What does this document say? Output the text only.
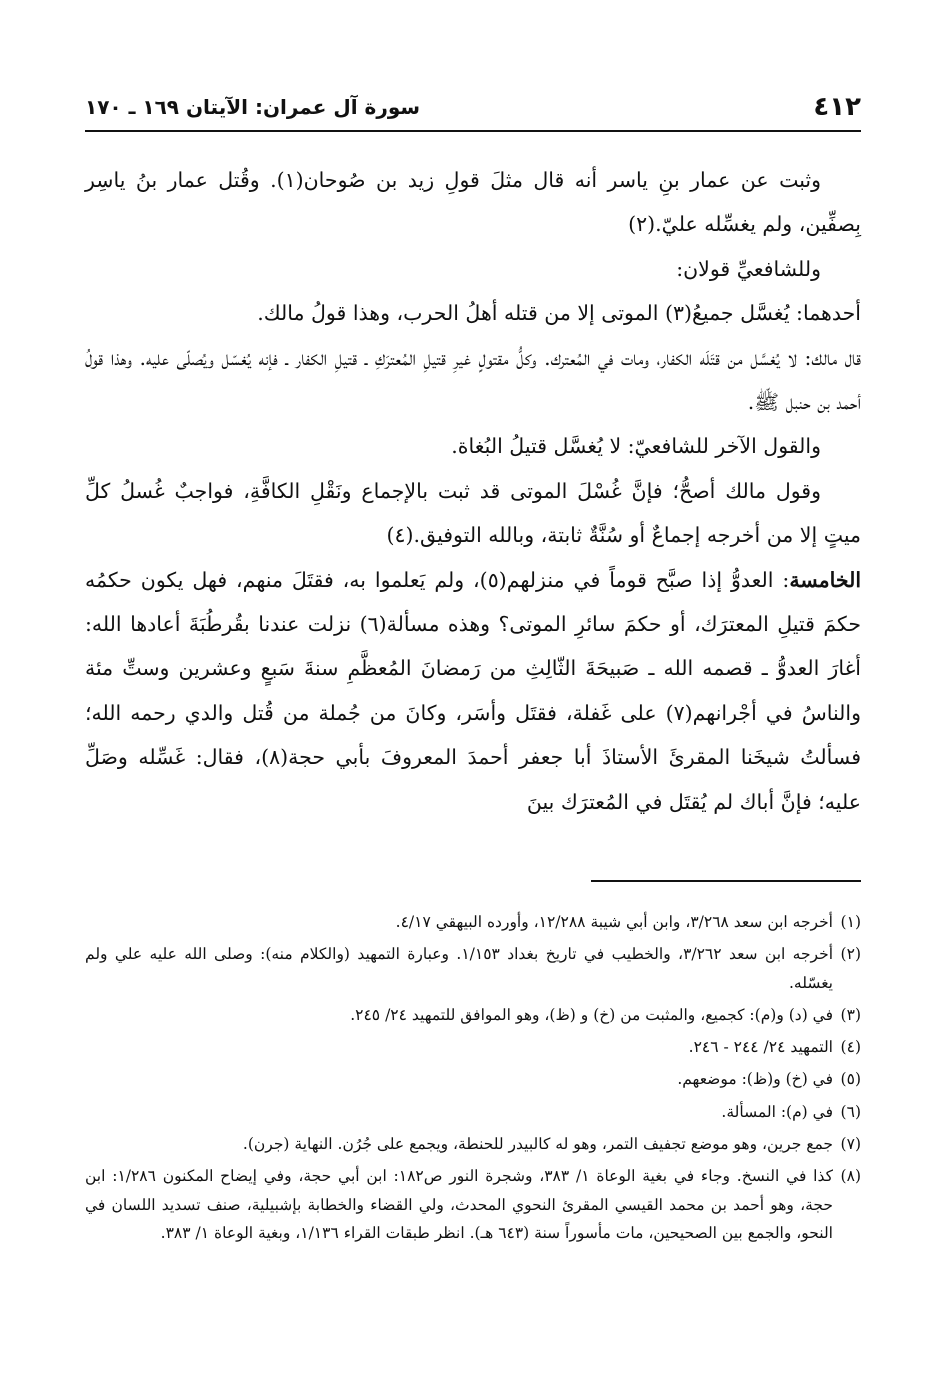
٤١٢
سورة آل عمران: الآيتان ١٦٩ ـ ١٧٠

وثبت عن عمار بنِ ياسر أنه قال مثلَ قولِ زيد بن صُوحان(١). وقُتل عمار بنُ ياسِر بِصفِّين، ولم يغسِّله عليّ.(٢)

وللشافعيِّ قولان:

أحدهما: يُغسَّل جميعُ(٣) الموتى إلا من قتله أهلُ الحرب، وهذا قولُ مالك.

قال مالك: لا يُغسَّل من قتَلَه الكفار، ومات في المُعترك. وكلُّ مقتولٍ غيرِ قتيلِ المُعترَكِ ـ قتيلِ الكفار ـ فإنه يُغسّل ويُصلّى عليه. وهذا قولُ أحمد بن حنبل ﷺ.

والقول الآخر للشافعيّ: لا يُغسَّل قتيلُ البُغاة.

وقول مالك أصحُّ؛ فإنَّ غُسْلَ الموتى قد ثبت بالإجماع ونَقْلِ الكافَّةِ، فواجبٌ غُسلُ كلِّ ميتٍ إلا من أخرجه إجماعٌ أو سُنَّةٌ ثابتة، وبالله التوفيق.(٤)

الخامسة: العدوُّ إذا صبَّح قوماً في منزلهم(٥)، ولم يَعلموا به، فقتَلَ منهم، فهل يكون حكمُه حكمَ قتيلِ المعترَك، أو حكمَ سائرِ الموتى؟ وهذه مسألة(٦) نزلت عندنا بقُرطُبَةَ أعادها الله: أغارَ العدوُّ ـ قصمه الله ـ صَبيحَةَ الثّالِثِ من رَمضانَ المُعظَّمِ سنةَ سَبعٍ وعشرين وستِّ مئة والناسُ في أجْرانهم(٧) على غَفلة، فقتَل وأسَر، وكانَ من جُملة من قُتل والدي رحمه الله؛ فسألتُ شيخَنا المقرئَ الأستاذَ أبا جعفر أحمدَ المعروفَ بأبي حجة(٨)، فقال: غَسِّله وصَلِّ عليه؛ فإنَّ أباك لم يُقتَل في المُعترَك بينَ

(١)أخرجه ابن سعد ٣/٢٦٨، وابن أبي شيبة ١٢/٢٨٨، وأورده البيهقي ٤/١٧.

(٢)أخرجه ابن سعد ٣/٢٦٢، والخطيب في تاريخ بغداد ١/١٥٣. وعبارة التمهيد (والكلام منه): وصلى الله عليه علي ولم يغسّله.

(٣)في (د) و(م): كجميع، والمثبت من (خ) و (ظ)، وهو الموافق للتمهيد ٢٤/ ٢٤٥.

(٤)التمهيد ٢٤/ ٢٤٤ - ٢٤٦.

(٥)في (خ) و(ظ): موضعهم.

(٦)في (م): المسألة.

(٧)جمع جرين، وهو موضع تجفيف التمر، وهو له كالبيدر للحنطة، ويجمع على جُرُن. النهاية (جرن).

(٨)كذا في النسخ. وجاء في بغية الوعاة ١/ ٣٨٣، وشجرة النور ص١٨٢: ابن أبي حجة، وفي إيضاح المكنون ١/٢٨٦: ابن حجة، وهو أحمد بن محمد القيسي المقرئ النحوي المحدث، ولي القضاء والخطابة بإشبيلية، صنف تسديد اللسان في النحو، والجمع بين الصحيحين، مات مأسوراً سنة (٦٤٣ هـ). انظر طبقات القراء ١/١٣٦، وبغية الوعاة ١/ ٣٨٣.
